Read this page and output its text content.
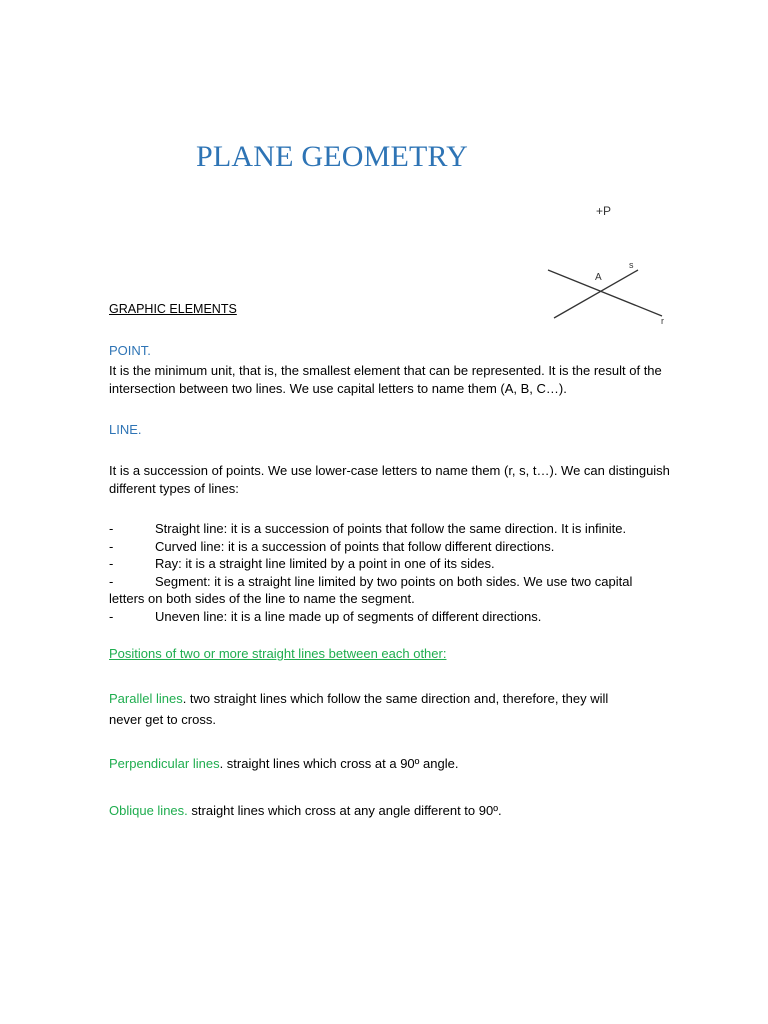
PLANE GEOMETRY
+P
A
s
r
GRAPHIC ELEMENTS
POINT.
It is the minimum unit, that is, the smallest element that can be represented. It is the result of the
intersection between two lines. We use capital letters to name them (A, B, C…).
LINE.
It is a succession of points. We use lower-case letters to name them (r, s, t…). We can distinguish
different types of lines:
-	Straight line: it is a succession of points that follow the same direction. It is infinite.
-	Curved line: it is a succession of points that follow different directions.
-	Ray: it is a straight line limited by a point in one of its sides.
-	Segment: it is a straight line limited by two points on both sides. We use two capital
letters on both sides of the line to name the segment.
-	Uneven line: it is a line made up of segments of different directions.
Positions of two or more straight lines between each other:
Parallel lines. two straight lines which follow the same direction and, therefore, they will
never get to cross.
Perpendicular lines. straight lines which cross at a 90º angle.
Oblique lines. straight lines which cross at any angle different to 90º.
